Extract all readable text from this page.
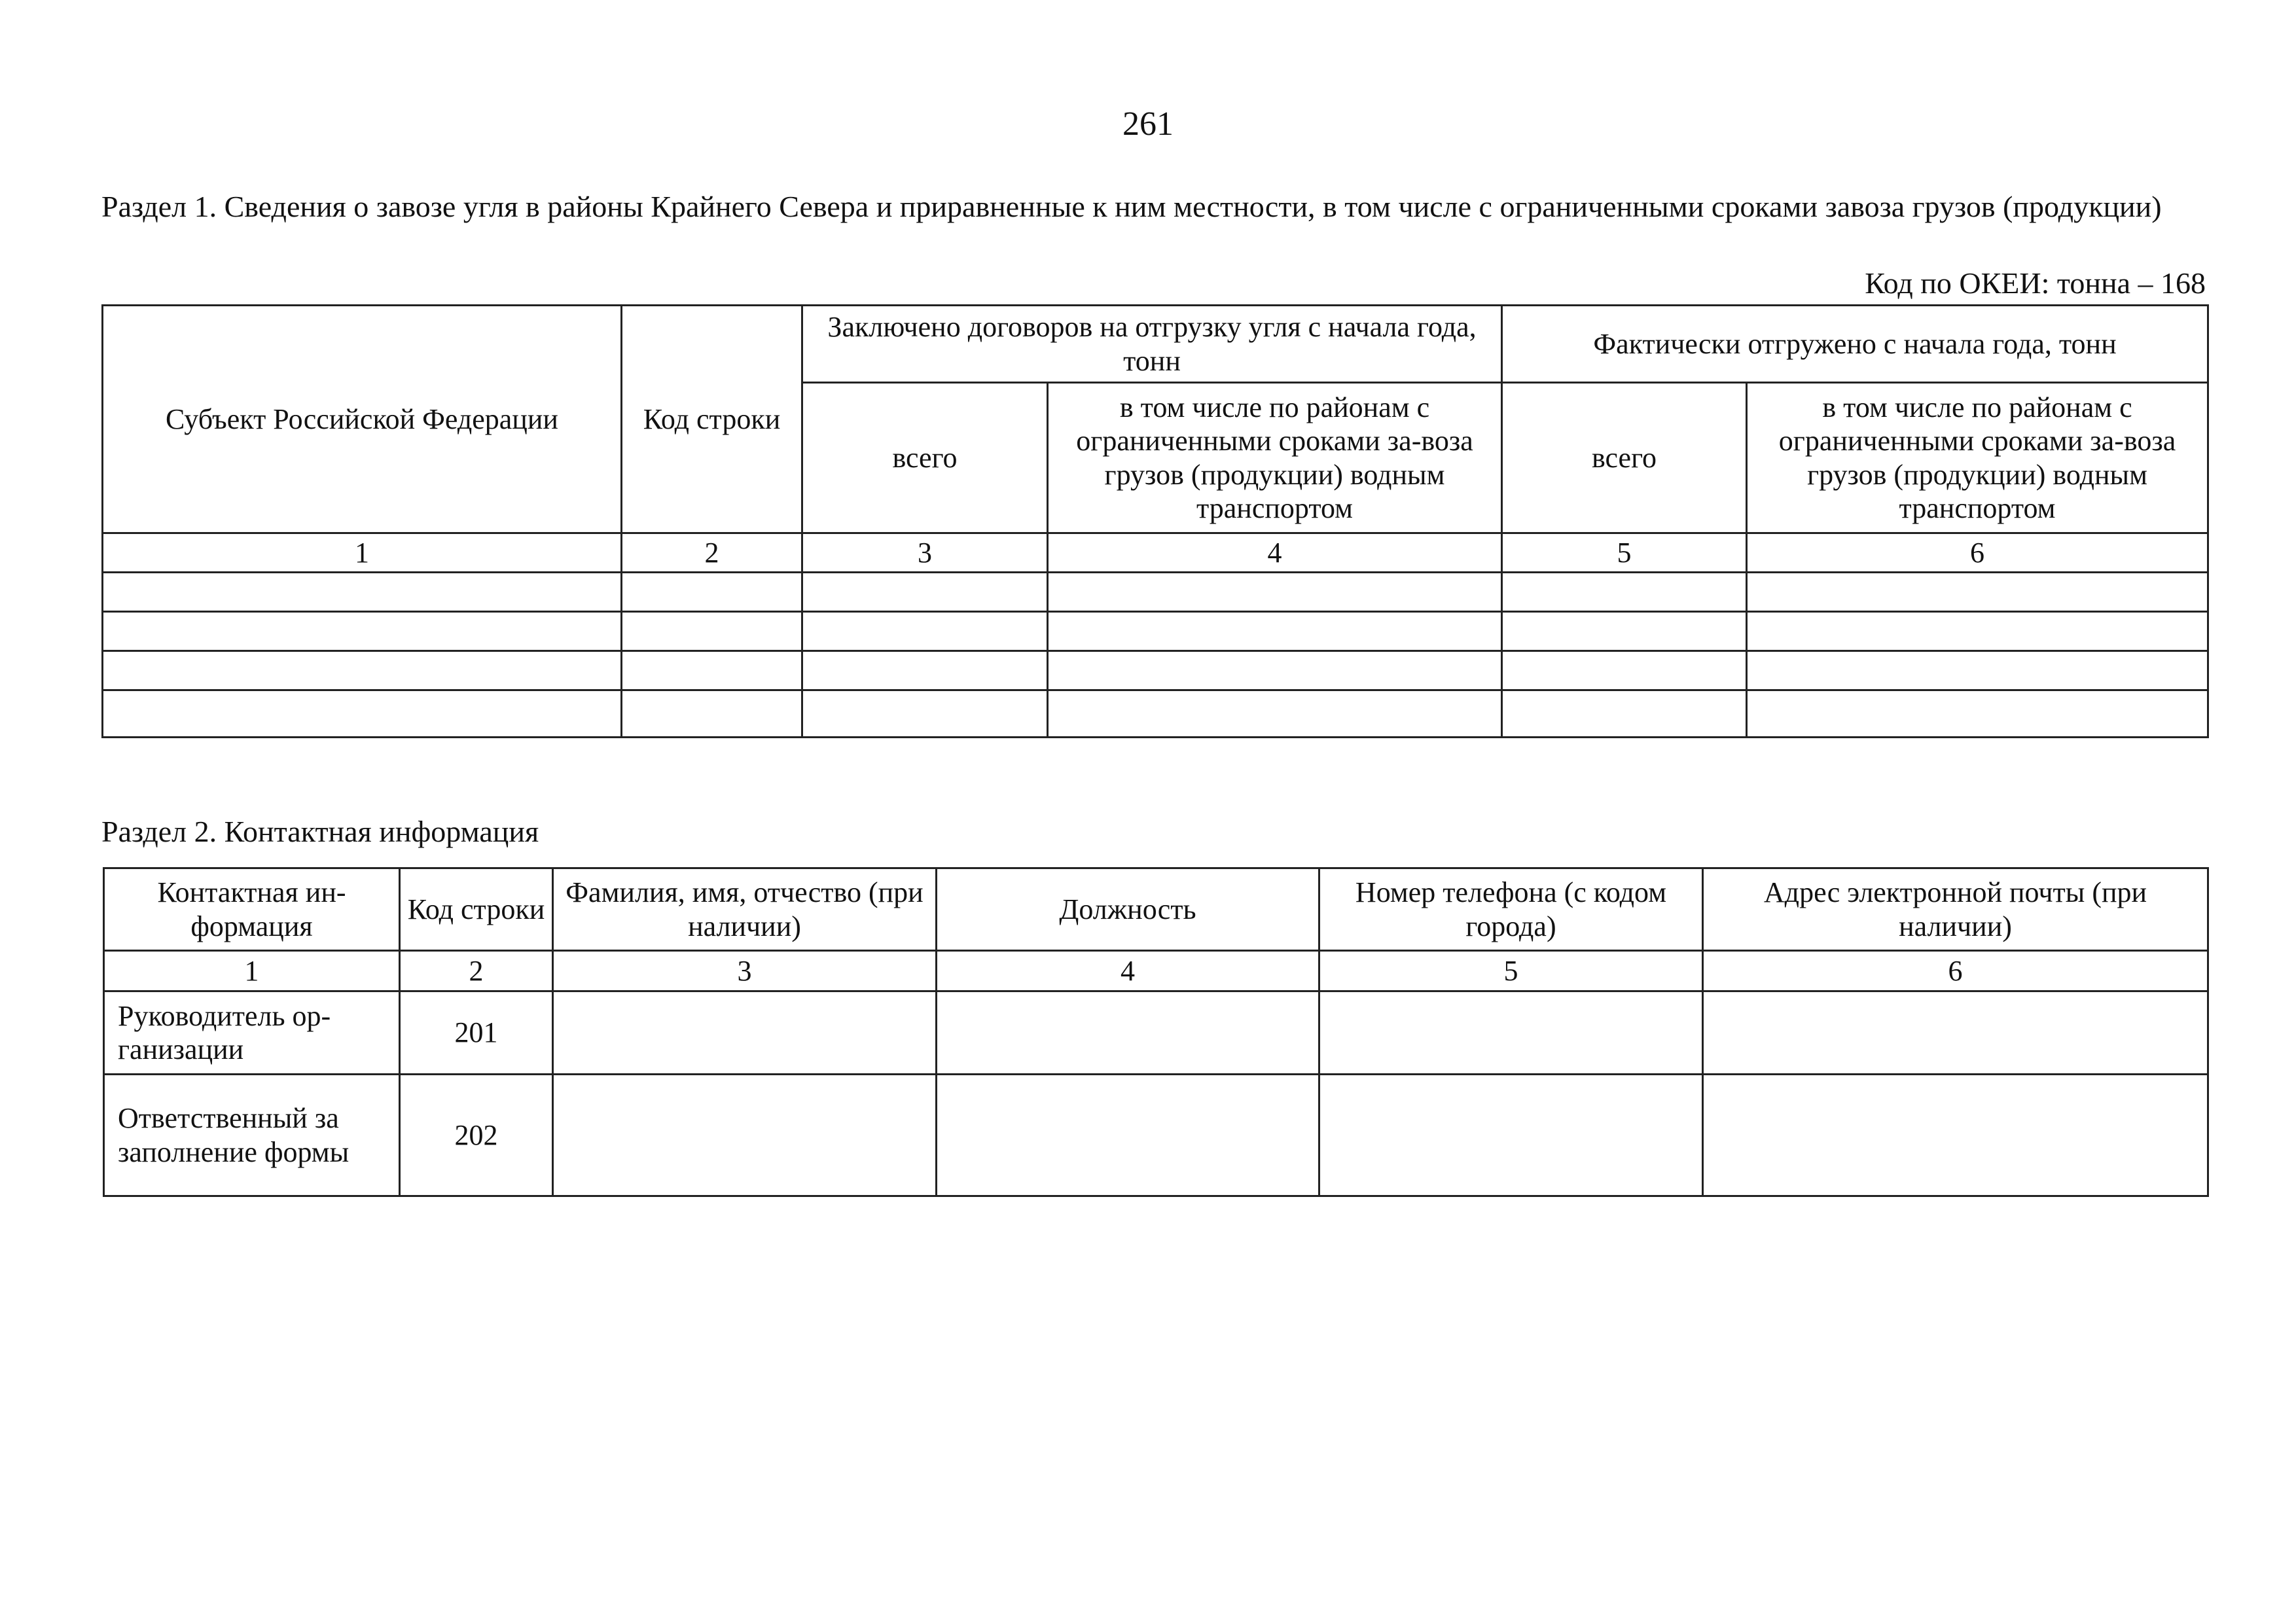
261
Раздел 1. Сведения о завозе угля в районы Крайнего Севера и приравненные к ним местности, в том числе с ограниченными сроками завоза грузов (продукции)
Код по ОКЕИ: тонна – 168
Субъект Российской Федерации	Код строки	Заключено договоров на отгрузку угля с начала года, тонн		Фактически отгружено с начала года, тонн	
		всего	в том числе по районам с ограниченными сроками за-воза грузов (продукции) водным транспортом	всего	в том числе по районам с ограниченными сроками за-воза грузов (продукции) водным транспортом
1	2	3	4	5	6

Раздел 2. Контактная информация
Контактная ин-формация	Код строки	Фамилия, имя, отчество (при наличии)	Должность	Номер телефона (с кодом города)	Адрес электронной почты (при наличии)
1	2	3	4	5	6
Руководитель ор-ганизации	201				
Ответственный за заполнение формы	202				
